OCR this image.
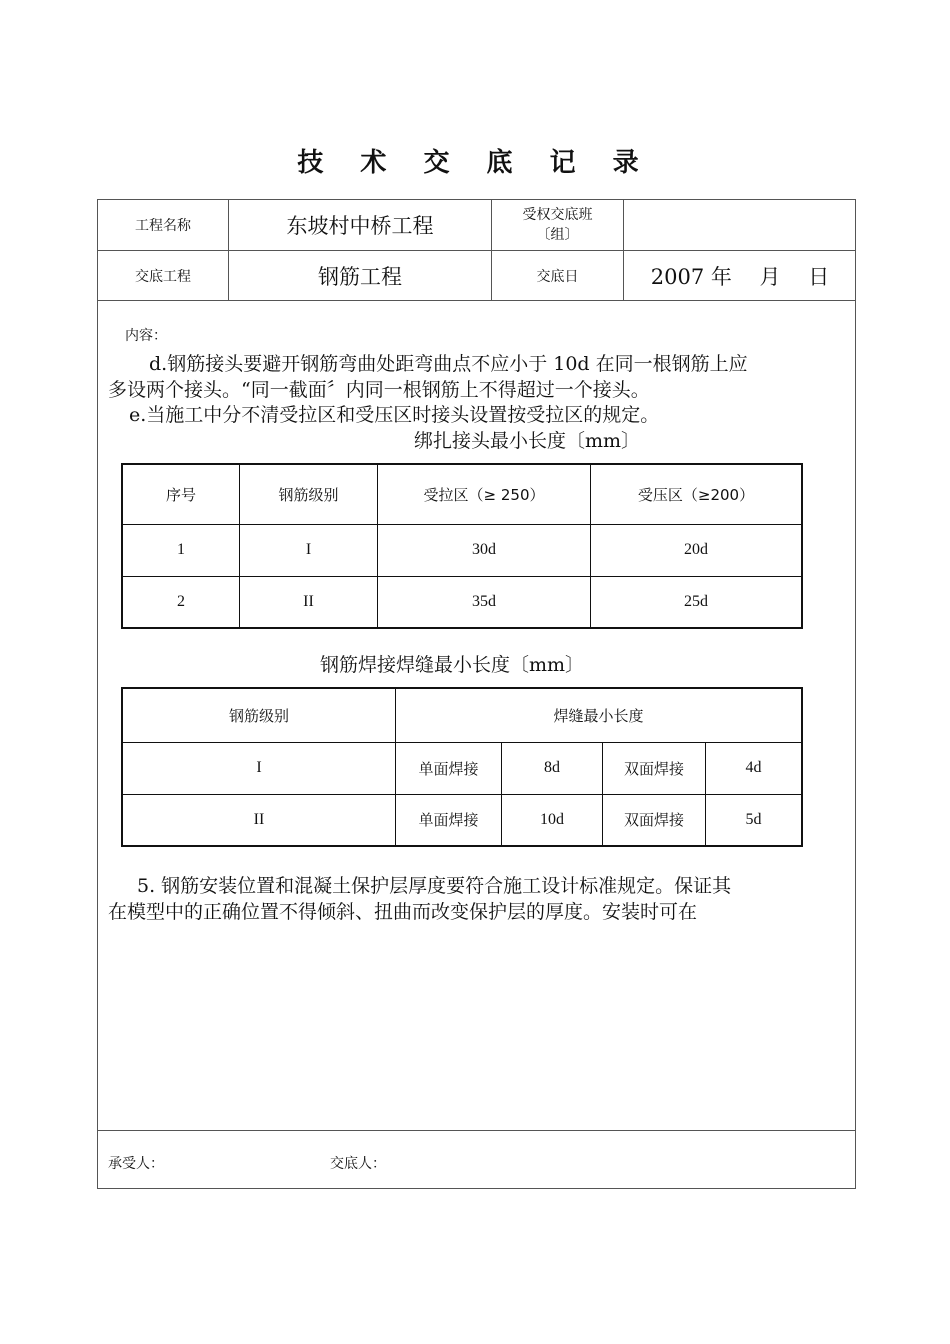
技 术 交 底 记 录
工程名称	东坡村中桥工程	受权交底班
〔组〕
交底工程	钢筋工程	交底日	2007 年　 月　 日
内容：
d.钢筋接头要避开钢筋弯曲处距弯曲点不应小于 10d 在同一根钢筋上应
多设两个接头。“同一截面〞内同一根钢筋上不得超过一个接头。
e.当施工中分不清受拉区和受压区时接头设置按受拉区的规定。
绑扎接头最小长度〔mm〕
序号	钢筋级别	受拉区（≥ 250）	受压区（≥200）
1	I	30d	20d
2	II	35d	25d
钢筋焊接焊缝最小长度〔mm〕
钢筋级别	焊缝最小长度			
I	单面焊接	8d	双面焊接	4d
II	单面焊接	10d	双面焊接	5d
5. 钢筋安装位置和混凝土保护层厚度要符合施工设计标准规定。保证其
在模型中的正确位置不得倾斜、扭曲而改变保护层的厚度。安装时可在
承受人：	交底人：
